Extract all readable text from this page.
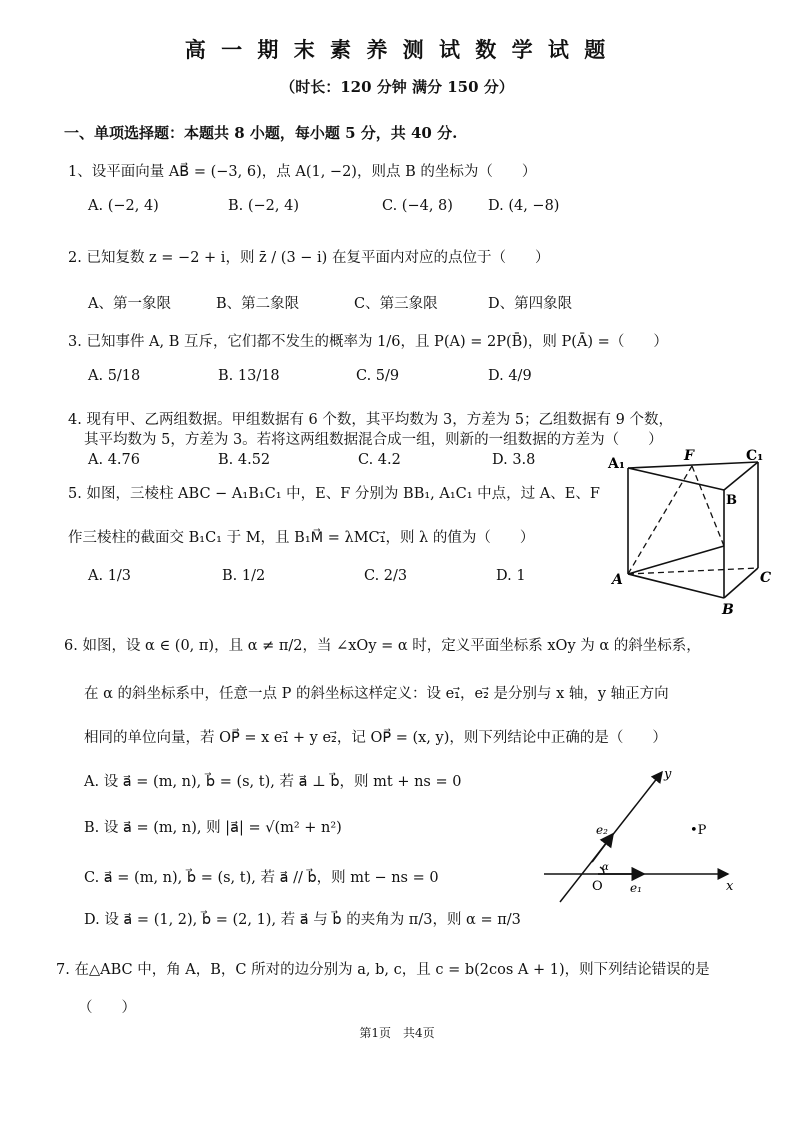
高 一 期 末 素 养 测 试 数 学 试 题
（时长：120 分钟 满分 150 分）
一、单项选择题：本题共 8 小题，每小题 5 分，共 40 分.
1、设平面向量 AB⃗ = (−3, 6)，点 A(1, −2)，则点 B 的坐标为（　　）
A. (−2, 4)	B. (−2, 4)	C. (−4, 8) D. (4, −8)
2. 已知复数 z = −2 + i，则 z̄ / (3 − i) 在复平面内对应的点位于（　　）
A、第一象限	B、第二象限	C、第三象限	D、第四象限
3. 已知事件 A, B 互斥，它们都不发生的概率为 1/6，且 P(A) = 2P(B̄)，则 P(Ā) =（　　）
A. 5/18	B. 13/18	C. 5/9	D. 4/9
4. 现有甲、乙两组数据。甲组数据有 6 个数，其平均数为 3，方差为 5；乙组数据有 9 个数，
其平均数为 5，方差为 3。若将这两组数据混合成一组，则新的一组数据的方差为（　　）
A. 4.76	B. 4.52	C. 4.2	D. 3.8
5. 如图，三棱柱 ABC − A₁B₁C₁ 中，E、F 分别为 BB₁, A₁C₁ 中点，过 A、E、F
作三棱柱的截面交 B₁C₁ 于 M，且 B₁M⃗ = λMC₁⃗，则 λ 的值为（　　）
A. 1/3	B. 1/2	C. 2/3	D. 1
A₁	F	C₁
B
A	C
B
6. 如图，设 α ∈ (0, π)，且 α ≠ π/2，当 ∠xOy = α 时，定义平面坐标系 xOy 为 α 的斜坐标系，
在 α 的斜坐标系中，任意一点 P 的斜坐标这样定义：设 e₁⃗，e₂⃗ 是分别与 x 轴，y 轴正方向
相同的单位向量，若 OP⃗ = x e₁⃗ + y e₂⃗，记 OP⃗ = (x, y)，则下列结论中正确的是（　　）
A. 设 a⃗ = (m, n), b⃗ = (s, t), 若 a⃗ ⊥ b⃗，则 mt + ns = 0
B. 设 a⃗ = (m, n), 则 |a⃗| = √(m² + n²)
C. a⃗ = (m, n), b⃗ = (s, t), 若 a⃗ // b⃗，则 mt − ns = 0
D. 设 a⃗ = (1, 2), b⃗ = (2, 1), 若 a⃗ 与 b⃗ 的夹角为 π/3，则 α = π/3
y
e₂	•P
O
α
e₁	x
7. 在△ABC 中，角 A，B，C 所对的边分别为 a, b, c，且 c = b(2cos A + 1)，则下列结论错误的是
（　　）
第1页　共4页
